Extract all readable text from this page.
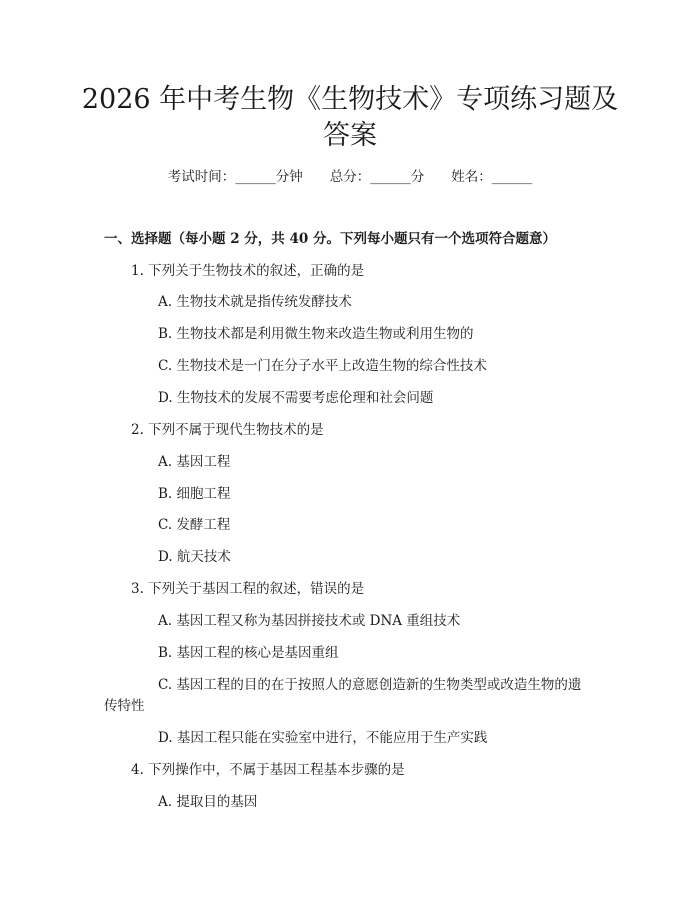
2026 年中考生物《生物技术》专项练习题及
答案
考试时间：______分钟　　总分：______分　　姓名：______
一、选择题（每小题 2 分，共 40 分。下列每小题只有一个选项符合题意）
1. 下列关于生物技术的叙述，正确的是
A. 生物技术就是指传统发酵技术
B. 生物技术都是利用微生物来改造生物或利用生物的
C. 生物技术是一门在分子水平上改造生物的综合性技术
D. 生物技术的发展不需要考虑伦理和社会问题
2. 下列不属于现代生物技术的是
A. 基因工程
B. 细胞工程
C. 发酵工程
D. 航天技术
3. 下列关于基因工程的叙述，错误的是
A. 基因工程又称为基因拼接技术或 DNA 重组技术
B. 基因工程的核心是基因重组
C. 基因工程的目的在于按照人的意愿创造新的生物类型或改造生物的遗
传特性
D. 基因工程只能在实验室中进行，不能应用于生产实践
4. 下列操作中，不属于基因工程基本步骤的是
A. 提取目的基因
